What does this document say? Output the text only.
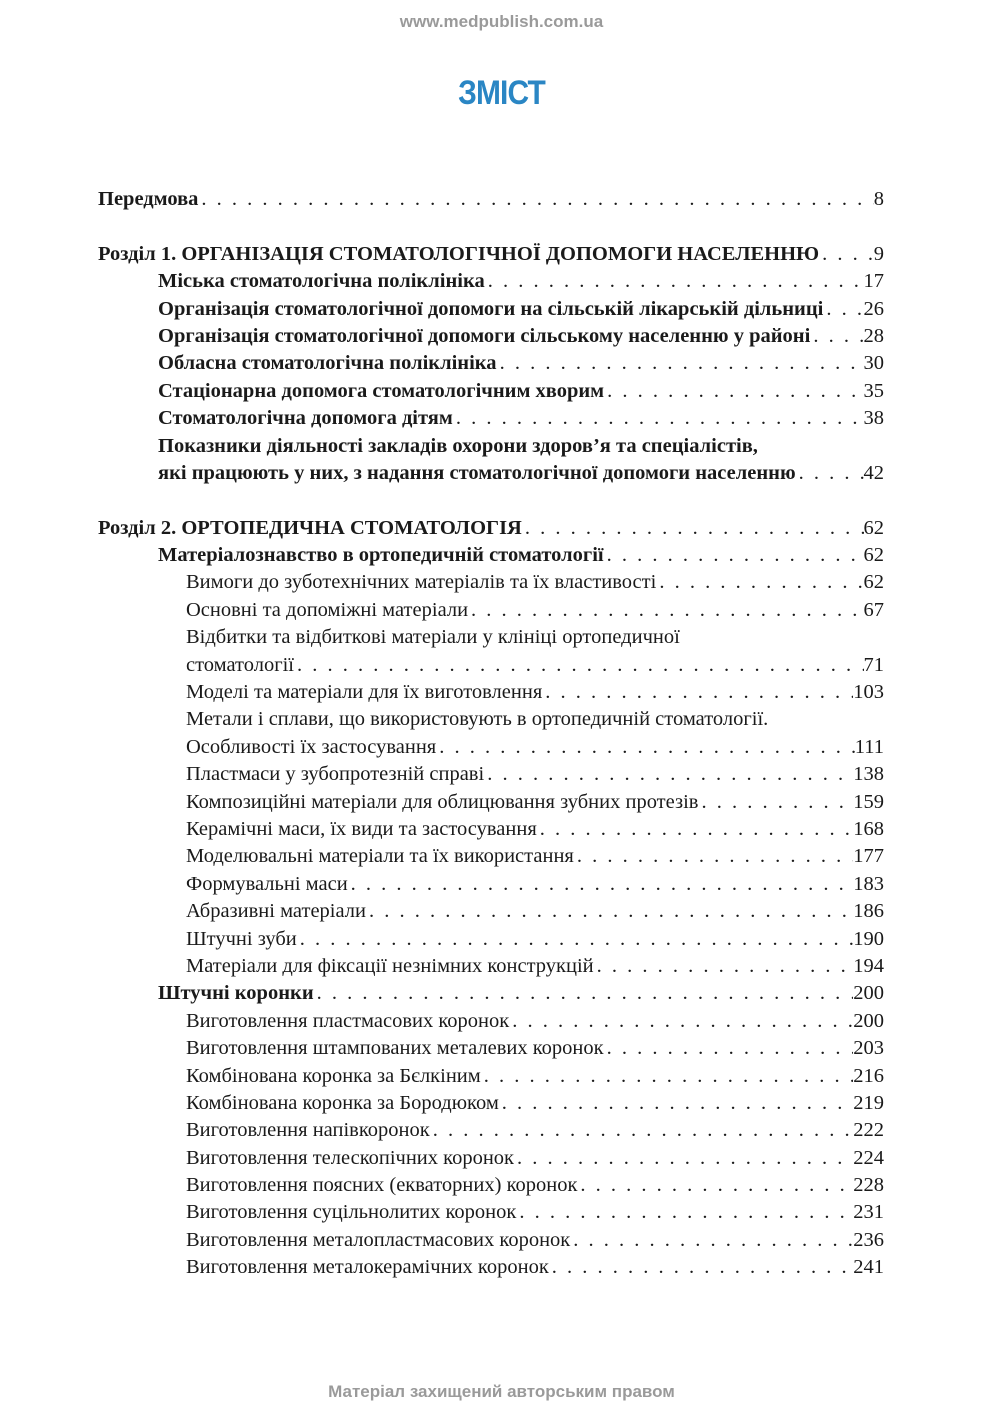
www.medpublish.com.ua
ЗМІСТ
Передмова . . .	8
Розділ 1. ОРГАНІЗАЦІЯ СТОМАТОЛОГІЧНОЇ ДОПОМОГИ НАСЕЛЕННЮ . . .	9
Міська стоматологічна поліклініка . . .	17
Організація стоматологічної допомоги на сільській лікарській дільниці . . . 26
Організація стоматологічної допомоги сільському населенню у районі . . .	28
Обласна стоматологічна поліклініка . . .	30
Стаціонарна допомога стоматологічним хворим . . .	35
Стоматологічна допомога дітям . . .	38
Показники діяльності закладів охорони здоров’я та спеціалістів,
які працюють у них, з надання стоматологічної допомоги населенню . . .	42
Розділ 2. ОРТОПЕДИЧНА СТОМАТОЛОГІЯ . . .	62
Матеріалознавство в ортопедичній стоматології . . .	62
Вимоги до зуботехнічних матеріалів та їх властивості . . .	62
Основні та допоміжні матеріали . . .	67
Відбитки та відбиткові матеріали у клініці ортопедичної
стоматології . . .	71
Моделі та матеріали для їх виготовлення . . .	103
Метали і сплави, що використовують в ортопедичній стоматології.
Особливості їх застосування . . .	111
Пластмаси у зубопротезній справі . . .	138
Композиційні матеріали для облицювання зубних протезів . . .	159
Керамічні маси, їх види та застосування . . .	168
Моделювальні матеріали та їх використання . . .	177
Формувальні маси . . .	183
Абразивні матеріали . . .	186
Штучні зуби . . .	190
Матеріали для фіксації незнімних конструкцій . . .	194
Штучні коронки . . .	200
Виготовлення пластмасових коронок . . .	200
Виготовлення штампованих металевих коронок . . .	203
Комбінована коронка за Бєлкіним . . .	216
Комбінована коронка за Бородюком . . .	219
Виготовлення напівкоронок . . .	222
Виготовлення телескопічних коронок . . .	224
Виготовлення поясних (екваторних) коронок . . .	228
Виготовлення суцільнолитих коронок . . .	231
Виготовлення металопластмасових коронок . . .	236
Виготовлення металокерамічних коронок . . .	241
Матеріал захищений авторським правом
